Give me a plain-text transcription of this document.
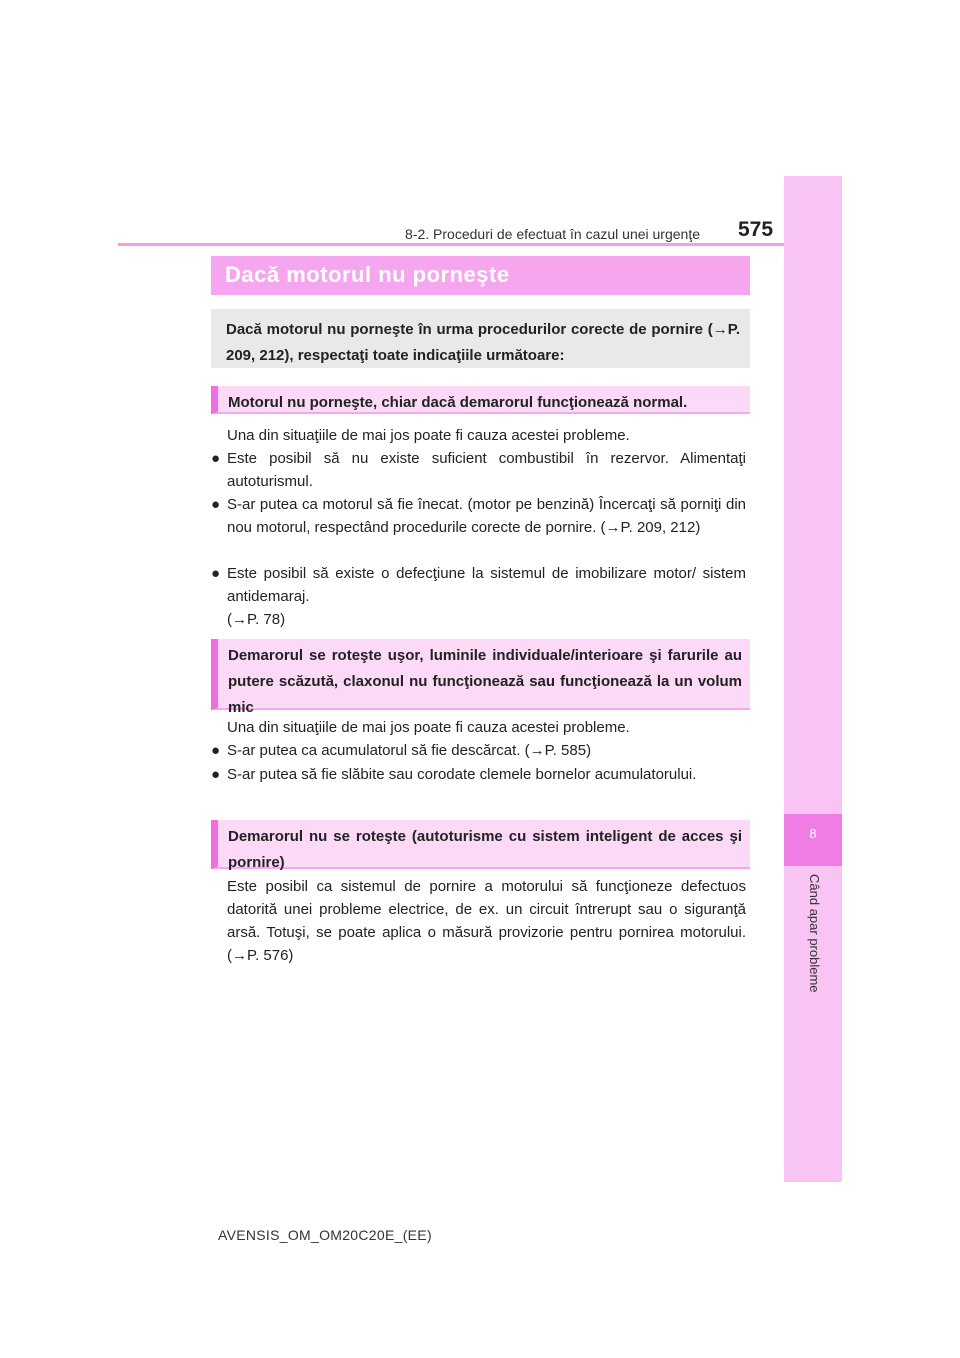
8
Când apar probleme
8-2. Proceduri de efectuat în cazul unei urgenţe 575
Dacă motorul nu porneşte

Dacă motorul nu porneşte în urma procedurilor corecte de pornire (→P. 209, 212), respectaţi toate indicaţiile următoare:

Motorul nu porneşte, chiar dacă demarorul funcţionează normal.

Una din situaţiile de mai jos poate fi cauza acestei probleme.
● Este posibil să nu existe suficient combustibil în rezervor. Alimentaţi autoturismul.
● S-ar putea ca motorul să fie înecat. (motor pe benzină) Încercaţi să porniţi din nou motorul, respectând procedurile corecte de pornire. (→P. 209, 212)
● Este posibil să existe o defecţiune la sistemul de imobilizare motor/ sistem antidemaraj.
(→P. 78)

Demarorul se roteşte uşor, luminile individuale/interioare şi farurile au putere scăzută, claxonul nu funcţionează sau funcţionează la un volum mic

Una din situaţiile de mai jos poate fi cauza acestei probleme.
● S-ar putea ca acumulatorul să fie descărcat. (→P. 585)
● S-ar putea să fie slăbite sau corodate clemele bornelor acumulatorului.

Demarorul nu se roteşte (autoturisme cu sistem inteligent de acces şi pornire)

Este posibil ca sistemul de pornire a motorului să funcţioneze defectuos datorită unei probleme electrice, de ex. un circuit întrerupt sau o siguranţă arsă. Totuşi, se poate aplica o măsură provizorie pentru pornirea motorului. (→P. 576)
AVENSIS_OM_OM20C20E_(EE)
